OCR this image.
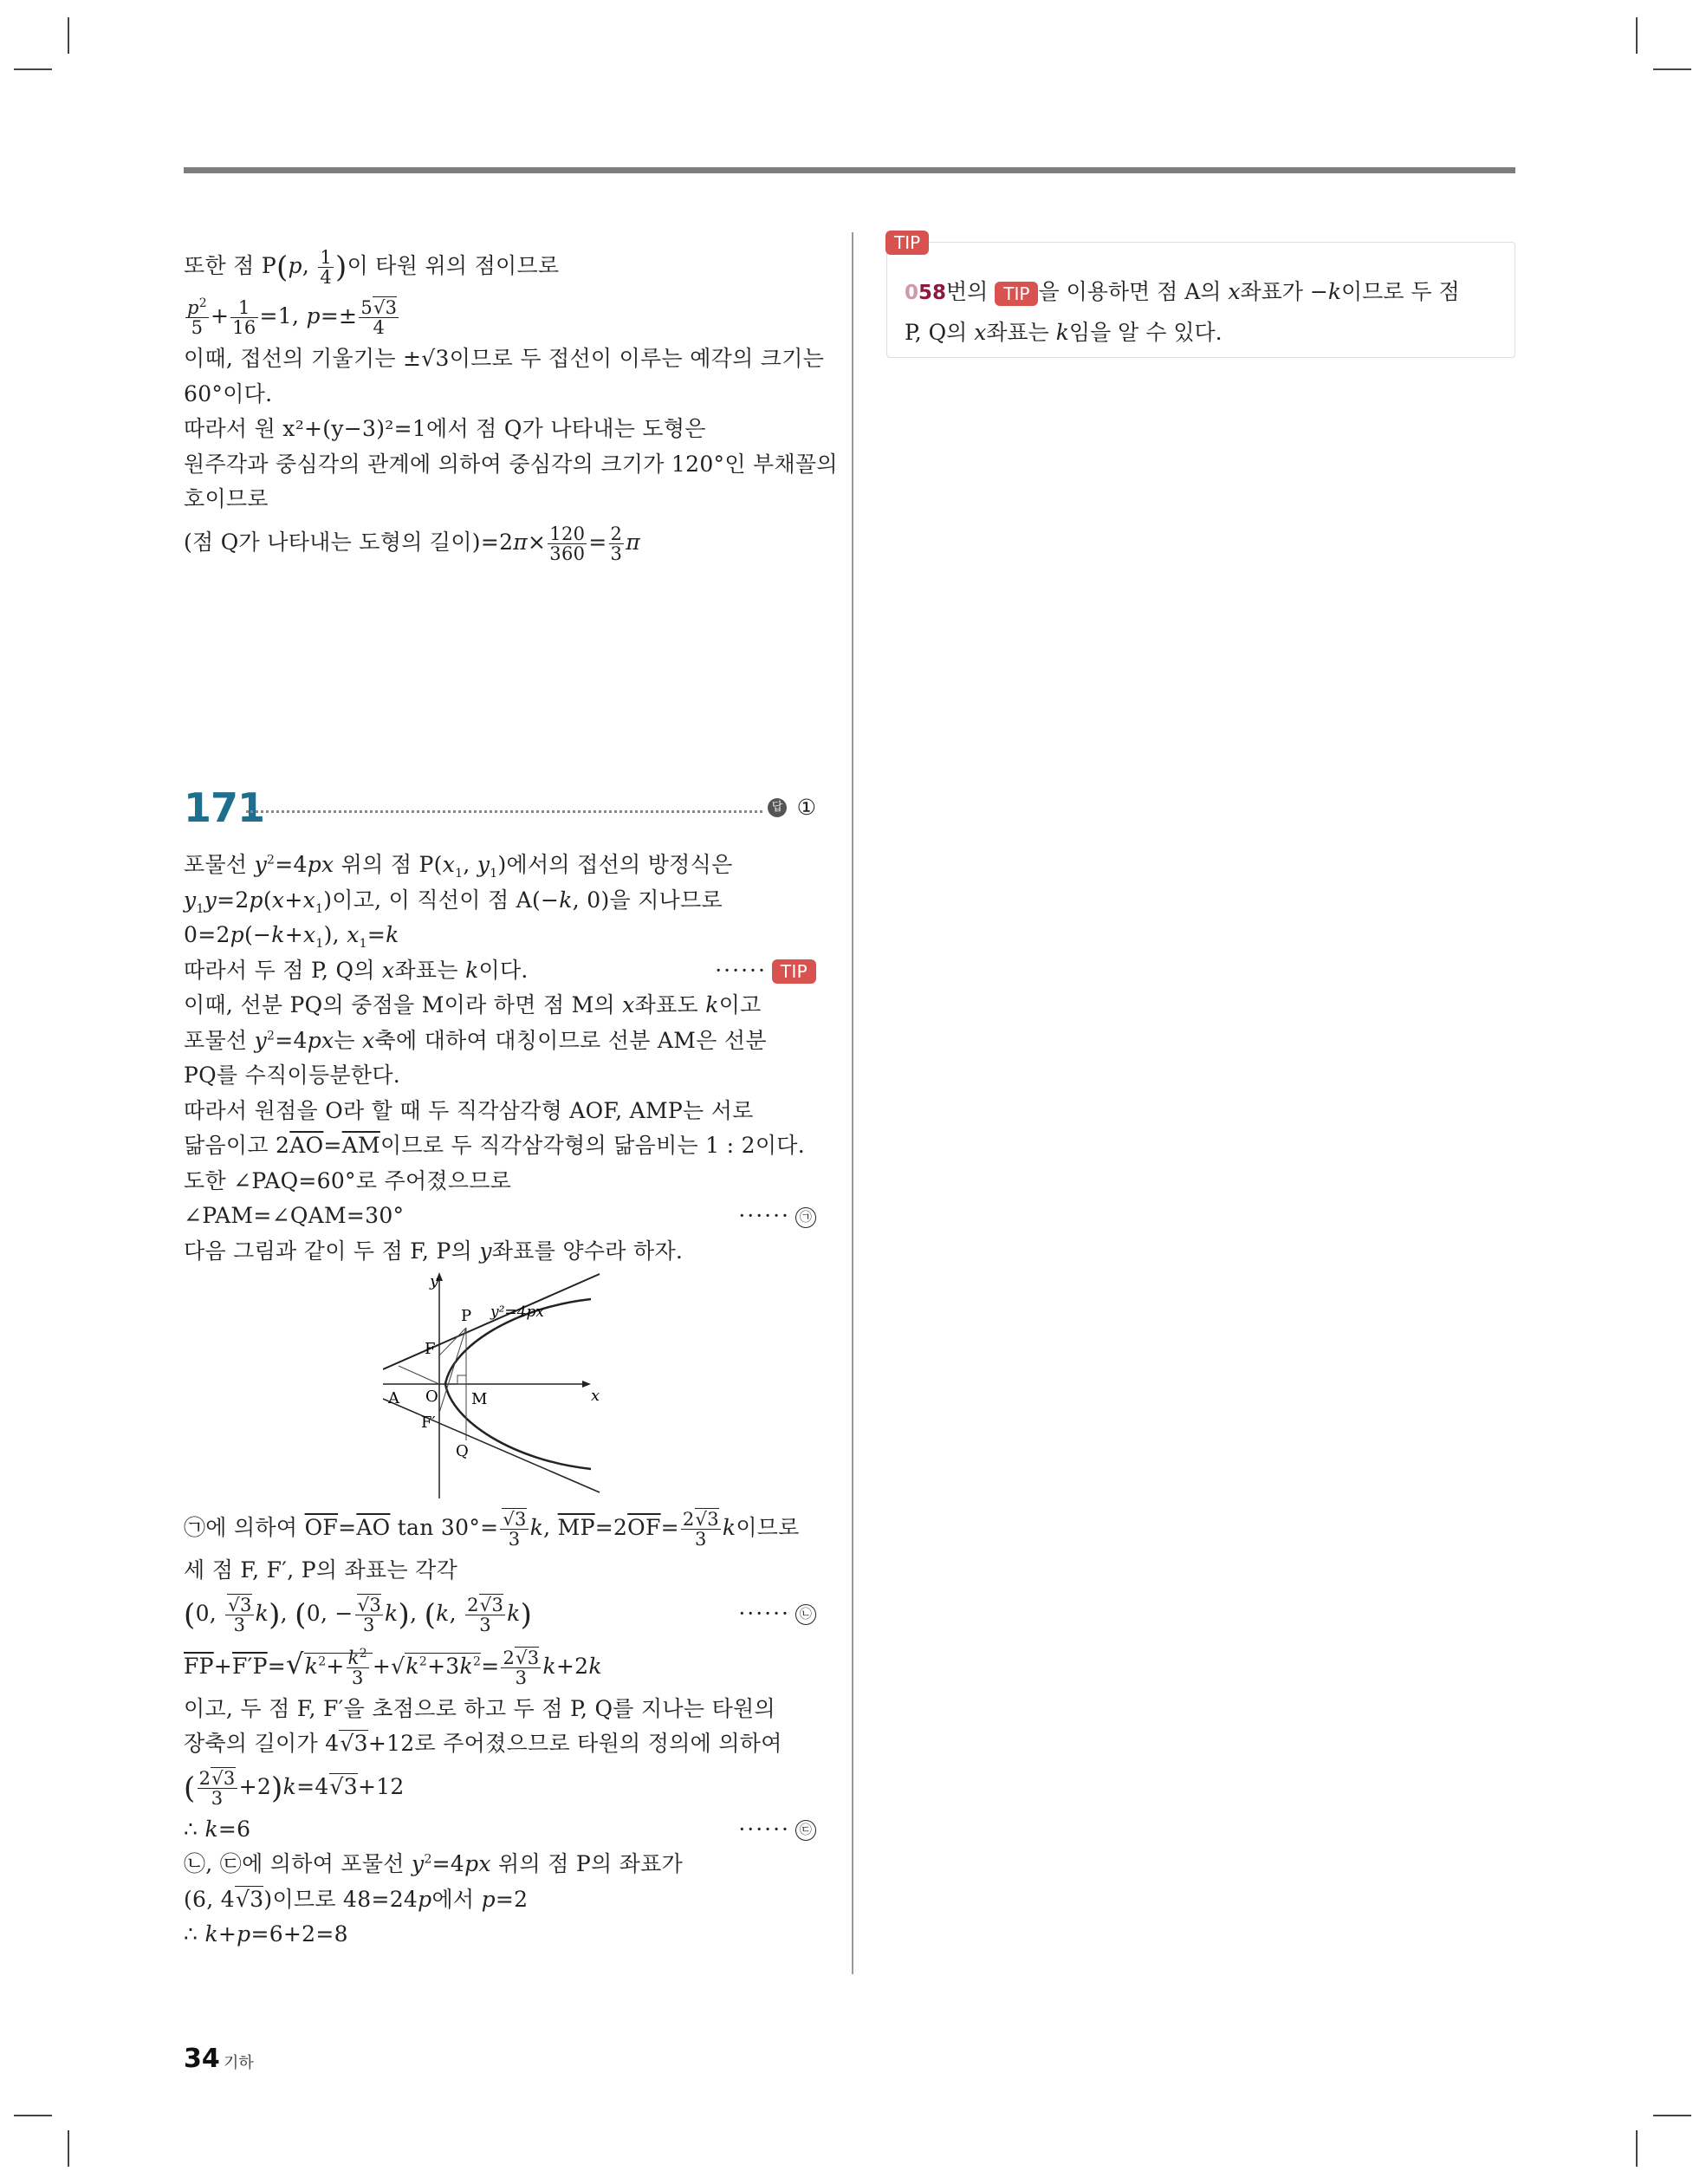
또한 점 P(p, $\frac{1}{4}$ )이 타원 위의 점이므로
$\frac{p^2}{5} + \frac{1}{16} =1$, $p=\pm \frac{5√3}{4}$
이때, 접선의 기울기는 ±√3이므로 두 접선이 이루는 예각의 크기는
60°이다.
따라서 원 x²+(y−3)²=1에서 점 Q가 나타내는 도형은
원주각과 중심각의 관계에 의하여 중심각의 크기가 120°인 부채꼴의
호이므로
(점 Q가 나타내는 도형의 길이)$=2\pi\times \frac{120}{360} = \frac{2}{3}$ π
171	답 ①
포물선 $y^2=4px$ 위의 점 $P(x_1$, $y_1$)에서의 접선의 방정식은
$y_1y=2p(x+x_1)$이고, 이 직선이 점 A(−k, 0)을 지나므로
$0=2p(-k+x_1)$, $x_1=k$
따라서 두 점 P, Q의 x좌표는 k이다.	······ TIP
이때, 선분 PQ의 중점을 M이라 하면 점 M의 x좌표도 k이고
포물선 $y^2=4px$는 x축에 대하여 대칭이므로 선분 AM은 선분
PQ를 수직이등분한다.
따라서 원점을 O라 할 때 두 직각삼각형 AOF, AMP는 서로
닮음이고 $2\overline{AO}=\overline{AM}$이므로 두 직각삼각형의 닮음비는 1 : 2이다.
도한 ∠PAQ=60°로 주어졌으므로
∠PAM=∠QAM=30°	······ ㉠
다음 그림과 같이 두 점 F, P의 y좌표를 양수라 하자.
y
x
y²=4px
P
F
A O M
F′
Q
㉠에 의하여 $\overline{OF}=\overline{AO}$ $\tan 30^\circ= \frac{√3}{3} k$, $\overline{MP}=2\overline{OF}= \frac{2√3}{3}$ k이므로
세 점 F, F′, P의 좌표는 각각
(0, $\frac{√3}{3} k$), (0, − $\frac{√3}{3} k$), (k, $\frac{2√3}{3} k$)	······ ㉡
$\overline{FP}+F'P=√k^2+ \frac{k^2}{3} +√k^2+3k^2= \frac{2√3}{3} k+2k$
이고, 두 점 F, F′을 초점으로 하고 두 점 P, Q를 지나는 타원의
장축의 길이가 4√3+12로 주어졌으므로 타원의 정의에 의하여
( $\frac{2√3}{3} +2)k=4√3+12$
∴ k=6	······ ㉢
㉡, ㉢에 의하여 포물선 $y^2=4px$ 위의 점 P의 좌표가
(6, 4√3)이므로 48=24p에서 p=2
∴ k+p=6+2=8
TIP
058번의 TIP 을 이용하면 점 A의 x좌표가 −k이므로 두 점
P, Q의 x좌표는 k임을 알 수 있다.
34 기하
